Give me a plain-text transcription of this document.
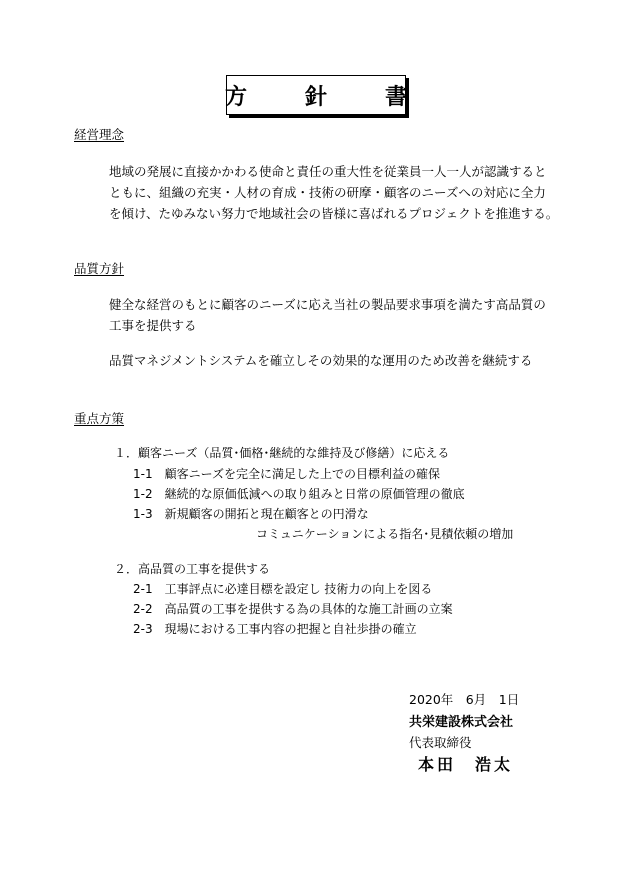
方　針　書
経営理念
地域の発展に直接かかわる使命と責任の重大性を従業員一人一人が認識すると
ともに、組織の充実・人材の育成・技術の研摩・顧客のニーズへの対応に全力
を傾け、たゆみない努力で地域社会の皆様に喜ばれるプロジェクトを推進する。
品質方針
健全な経営のもとに顧客のニーズに応え当社の製品要求事項を満たす高品質の
工事を提供する
品質マネジメントシステムを確立しその効果的な運用のため改善を継続する
重点方策
１．顧客ニーズ（品質･価格･継続的な維持及び修繕）に応える
1-1　顧客ニーズを完全に満足した上での目標利益の確保
1-2　継続的な原価低減への取り組みと日常の原価管理の徹底
1-3　新規顧客の開拓と現在顧客との円滑な
コミュニケーションによる指名･見積依頼の増加
２．高品質の工事を提供する
2-1　工事評点に必達目標を設定し 技術力の向上を図る
2-2　高品質の工事を提供する為の具体的な施工計画の立案
2-3　現場における工事内容の把握と自社歩掛の確立
2020年　6月　1日
共栄建設株式会社
代表取締役
本田　浩太
